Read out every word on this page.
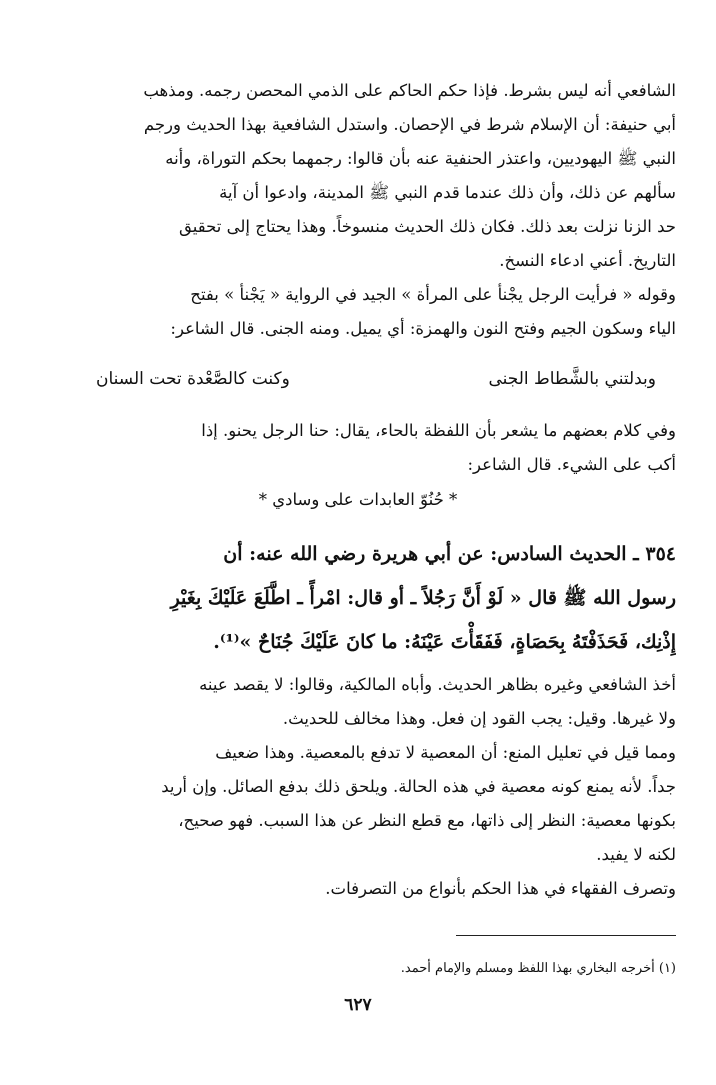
الشافعي أنه ليس بشرط. فإذا حكم الحاكم على الذمي المحصن رجمه. ومذهب
أبي حنيفة: أن الإسلام شرط في الإحصان. واستدل الشافعية بهذا الحديث ورجم
النبي ﷺ اليهوديين، واعتذر الحنفية عنه بأن قالوا: رجمهما بحكم التوراة، وأنه
سألهم عن ذلك، وأن ذلك عندما قدم النبي ﷺ المدينة، وادعوا أن آية
حد الزنا نزلت بعد ذلك. فكان ذلك الحديث منسوخاً. وهذا يحتاج إلى تحقيق
التاريخ. أعني ادعاء النسخ.
وقوله « فرأيت الرجل يجْنأ على المرأة » الجيد في الرواية « يَجْنأ » بفتح
الياء وسكون الجيم وفتح النون والهمزة: أي يميل. ومنه الجنى. قال الشاعر:
وبدلتني بالشَّطاط الجنى
وكنت كالصَّعْدة تحت السنان
وفي كلام بعضهم ما يشعر بأن اللفظة بالحاء، يقال: حنا الرجل يحنو. إذا
أكب على الشيء. قال الشاعر:
* حُنُوّ العابدات على وسادي *
٣٥٤ ـ الحديث السادس: عن أبي هريرة رضي الله عنه: أن
رسول الله ﷺ قال « لَوْ أَنَّ رَجُلاً ـ أو قال: امْرأً ـ اطَّلَعَ عَلَيْكَ بِغَيْرِ
إِذْنِك، فَحَذَفْتَهُ بِحَصَاةٍ، فَفَقَأْتَ عَيْنَهُ: ما كانَ عَلَيْكَ جُنَاحٌ »⁽¹⁾.
أخذ الشافعي وغيره بظاهر الحديث. وأباه المالكية، وقالوا: لا يقصد عينه
ولا غيرها. وقيل: يجب القود إن فعل. وهذا مخالف للحديث.
ومما قيل في تعليل المنع: أن المعصية لا تدفع بالمعصية. وهذا ضعيف
جداً. لأنه يمنع كونه معصية في هذه الحالة. ويلحق ذلك بدفع الصائل. وإن أريد
بكونها معصية: النظر إلى ذاتها، مع قطع النظر عن هذا السبب. فهو صحيح،
لكنه لا يفيد.
وتصرف الفقهاء في هذا الحكم بأنواع من التصرفات.
(١) أخرجه البخاري بهذا اللفظ ومسلم والإمام أحمد.
٦٢٧
